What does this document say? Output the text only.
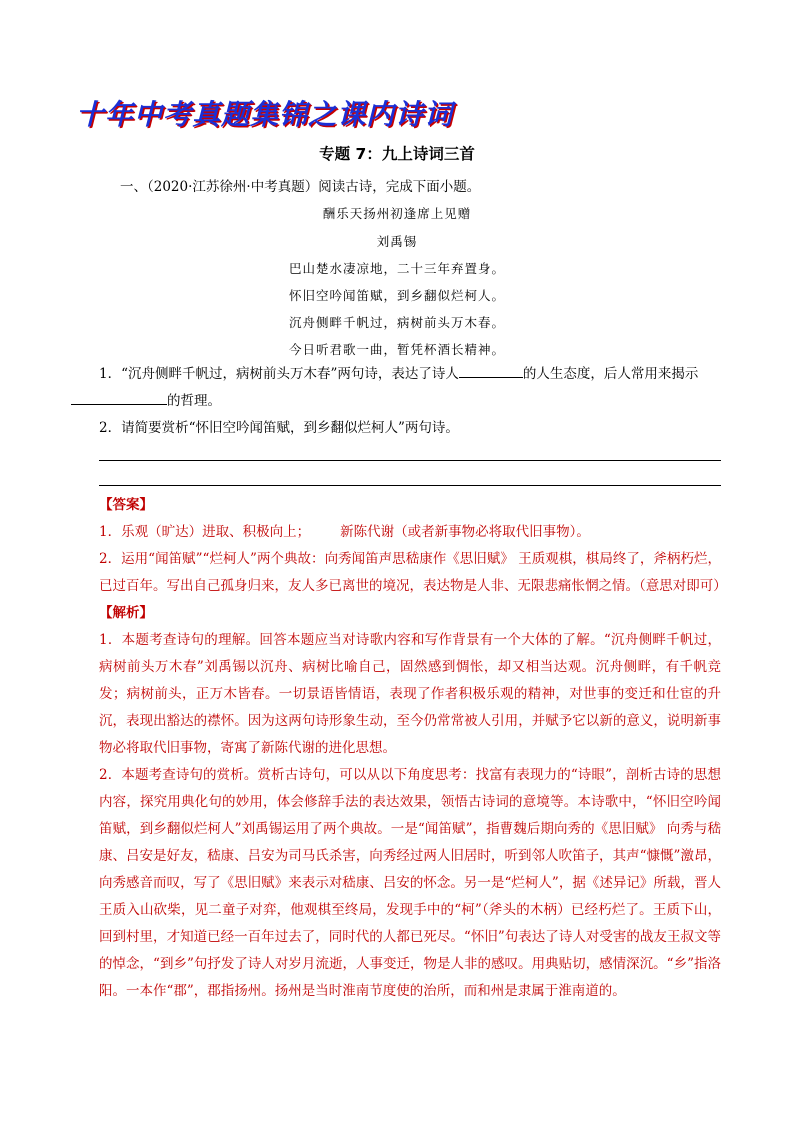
十年中考真题集锦之课内诗词
专题 7：九上诗词三首
一、（2020·江苏徐州·中考真题）阅读古诗，完成下面小题。
酬乐天扬州初逢席上见赠
刘禹锡
巴山楚水凄凉地，二十三年弃置身。
怀旧空吟闻笛赋，到乡翻似烂柯人。
沉舟侧畔千帆过，病树前头万木春。
今日听君歌一曲，暂凭杯酒长精神。
1．“沉舟侧畔千帆过，病树前头万木春”两句诗，表达了诗人	的人生态度，后人常用来揭示
的哲理。
2．请简要赏析“怀旧空吟闻笛赋，到乡翻似烂柯人”两句诗。
【答案】
1．乐观（旷达）进取、积极向上； 新陈代谢（或者新事物必将取代旧事物）。
2．运用“闻笛赋”“烂柯人”两个典故：向秀闻笛声思嵇康作《思旧赋》 王质观棋，棋局终了，斧柄朽烂，已过百年。写出自己孤身归来，友人多已离世的境况，表达物是人非、无限悲痛怅惘之情。（意思对即可）
【解析】
1．本题考查诗句的理解。回答本题应当对诗歌内容和写作背景有一个大体的了解。“沉舟侧畔千帆过，病树前头万木春”刘禹锡以沉舟、病树比喻自己，固然感到惆怅，却又相当达观。沉舟侧畔，有千帆竞发；病树前头，正万木皆春。一切景语皆情语，表现了作者积极乐观的精神，对世事的变迁和仕宦的升沉，表现出豁达的襟怀。因为这两句诗形象生动，至今仍常常被人引用，并赋予它以新的意义，说明新事物必将取代旧事物，寄寓了新陈代谢的进化思想。
2．本题考查诗句的赏析。赏析古诗句，可以从以下角度思考：找富有表现力的“诗眼”，剖析古诗的思想内容，探究用典化句的妙用，体会修辞手法的表达效果，领悟古诗词的意境等。本诗歌中，“怀旧空吟闻笛赋，到乡翻似烂柯人”刘禹锡运用了两个典故。一是“闻笛赋”，指曹魏后期向秀的《思旧赋》 向秀与嵇康、吕安是好友，嵇康、吕安为司马氏杀害，向秀经过两人旧居时，听到邻人吹笛子，其声“慷慨”激昂，向秀感音而叹，写了《思旧赋》来表示对嵇康、吕安的怀念。另一是“烂柯人”，据《述异记》所载，晋人王质入山砍柴，见二童子对弈，他观棋至终局，发现手中的“柯”（斧头的木柄）已经朽烂了。王质下山，回到村里，才知道已经一百年过去了，同时代的人都已死尽。“怀旧”句表达了诗人对受害的战友王叔文等的悼念，“到乡”句抒发了诗人对岁月流逝，人事变迁，物是人非的感叹。用典贴切，感情深沉。“乡”指洛阳。一本作“郡”，郡指扬州。扬州是当时淮南节度使的治所，而和州是隶属于淮南道的。
